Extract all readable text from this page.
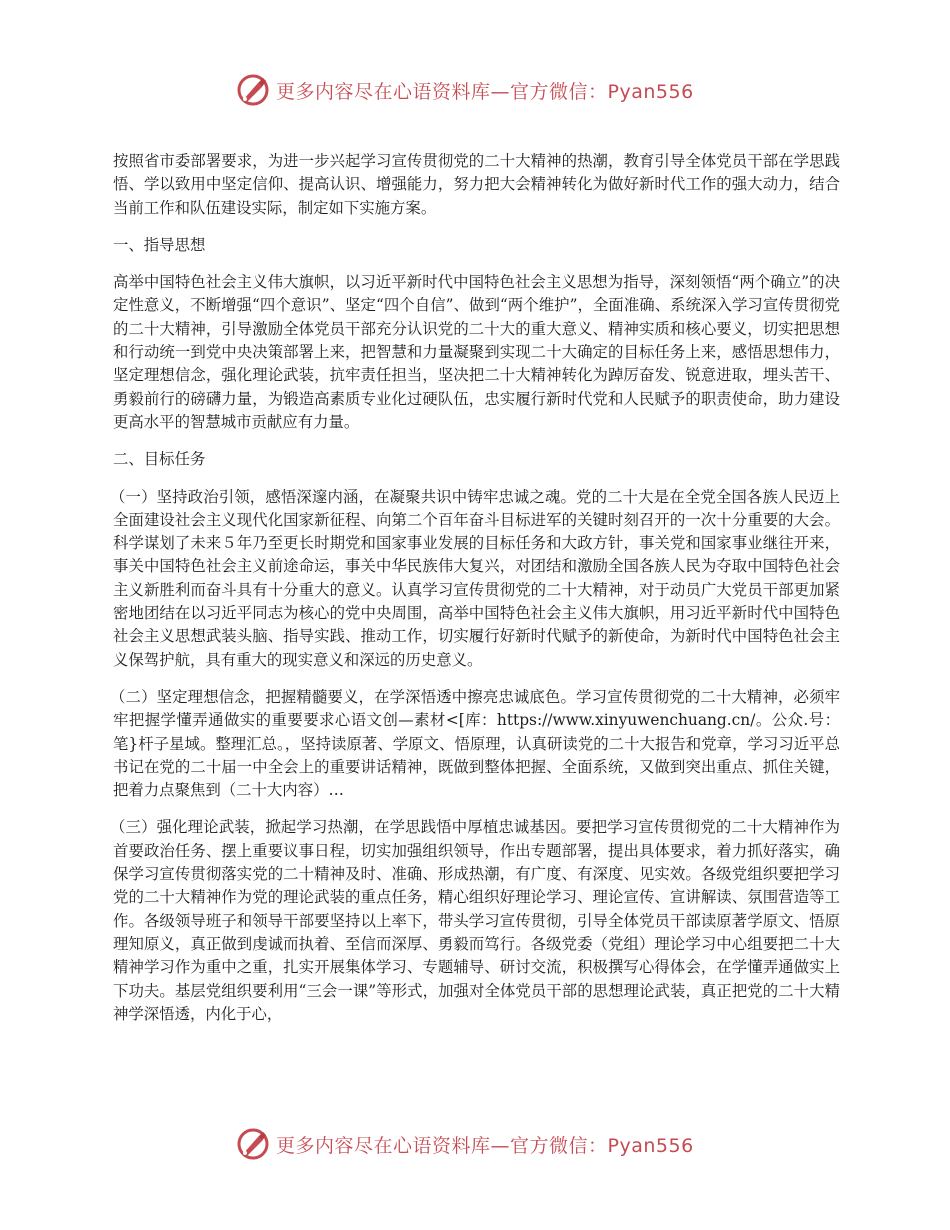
更多内容尽在心语资料库—官方微信：Pyan556

按照省市委部署要求，为进一步兴起学习宣传贯彻党的二十大精神的热潮，教育引导全体党员干部在学思践悟、学以致用中坚定信仰、提高认识、增强能力，努力把大会精神转化为做好新时代工作的强大动力，结合当前工作和队伍建设实际，制定如下实施方案。

一、指导思想

高举中国特色社会主义伟大旗帜，以习近平新时代中国特色社会主义思想为指导，深刻领悟“两个确立”的决定性意义，不断增强“四个意识”、坚定“四个自信”、做到“两个维护”，全面准确、系统深入学习宣传贯彻党的二十大精神，引导激励全体党员干部充分认识党的二十大的重大意义、精神实质和核心要义，切实把思想和行动统一到党中央决策部署上来，把智慧和力量凝聚到实现二十大确定的目标任务上来，感悟思想伟力，坚定理想信念，强化理论武装，抗牢责任担当，坚决把二十大精神转化为踔厉奋发、锐意进取，埋头苦干、勇毅前行的磅礴力量，为锻造高素质专业化过硬队伍，忠实履行新时代党和人民赋予的职责使命，助力建设更高水平的智慧城市贡献应有力量。

二、目标任务

（一）坚持政治引领，感悟深邃内涵，在凝聚共识中铸牢忠诚之魂。党的二十大是在全党全国各族人民迈上全面建设社会主义现代化国家新征程、向第二个百年奋斗目标进军的关键时刻召开的一次十分重要的大会。科学谋划了未来５年乃至更长时期党和国家事业发展的目标任务和大政方针，事关党和国家事业继往开来，事关中国特色社会主义前途命运，事关中华民族伟大复兴，对团结和激励全国各族人民为夺取中国特色社会主义新胜利而奋斗具有十分重大的意义。认真学习宣传贯彻党的二十大精神，对于动员广大党员干部更加紧密地团结在以习近平同志为核心的党中央周围，高举中国特色社会主义伟大旗帜，用习近平新时代中国特色社会主义思想武装头脑、指导实践、推动工作，切实履行好新时代赋予的新使命，为新时代中国特色社会主义保驾护航，具有重大的现实意义和深远的历史意义。

（二）坚定理想信念，把握精髓要义，在学深悟透中擦亮忠诚底色。学习宣传贯彻党的二十大精神，必须牢牢把握学懂弄通做实的重要要求心语文创—素材<[库：https://www.xinyuwenchuang.cn/。公众.号：笔}杆子星域。整理汇总。，坚持读原著、学原文、悟原理，认真研读党的二十大报告和党章，学习习近平总书记在党的二十届一中全会上的重要讲话精神，既做到整体把握、全面系统，又做到突出重点、抓住关键，把着力点聚焦到（二十大内容）…

（三）强化理论武装，掀起学习热潮，在学思践悟中厚植忠诚基因。要把学习宣传贯彻党的二十大精神作为首要政治任务、摆上重要议事日程，切实加强组织领导，作出专题部署，提出具体要求，着力抓好落实，确保学习宣传贯彻落实党的二十精神及时、准确、形成热潮，有广度、有深度、见实效。各级党组织要把学习党的二十大精神作为党的理论武装的重点任务，精心组织好理论学习、理论宣传、宣讲解读、氛围营造等工作。各级领导班子和领导干部要坚持以上率下，带头学习宣传贯彻，引导全体党员干部读原著学原文、悟原理知原义，真正做到虔诚而执着、至信而深厚、勇毅而笃行。各级党委（党组）理论学习中心组要把二十大精神学习作为重中之重，扎实开展集体学习、专题辅导、研讨交流，积极撰写心得体会，在学懂弄通做实上下功夫。基层党组织要利用“三会一课”等形式，加强对全体党员干部的思想理论武装，真正把党的二十大精神学深悟透，内化于心，

更多内容尽在心语资料库—官方微信：Pyan556
